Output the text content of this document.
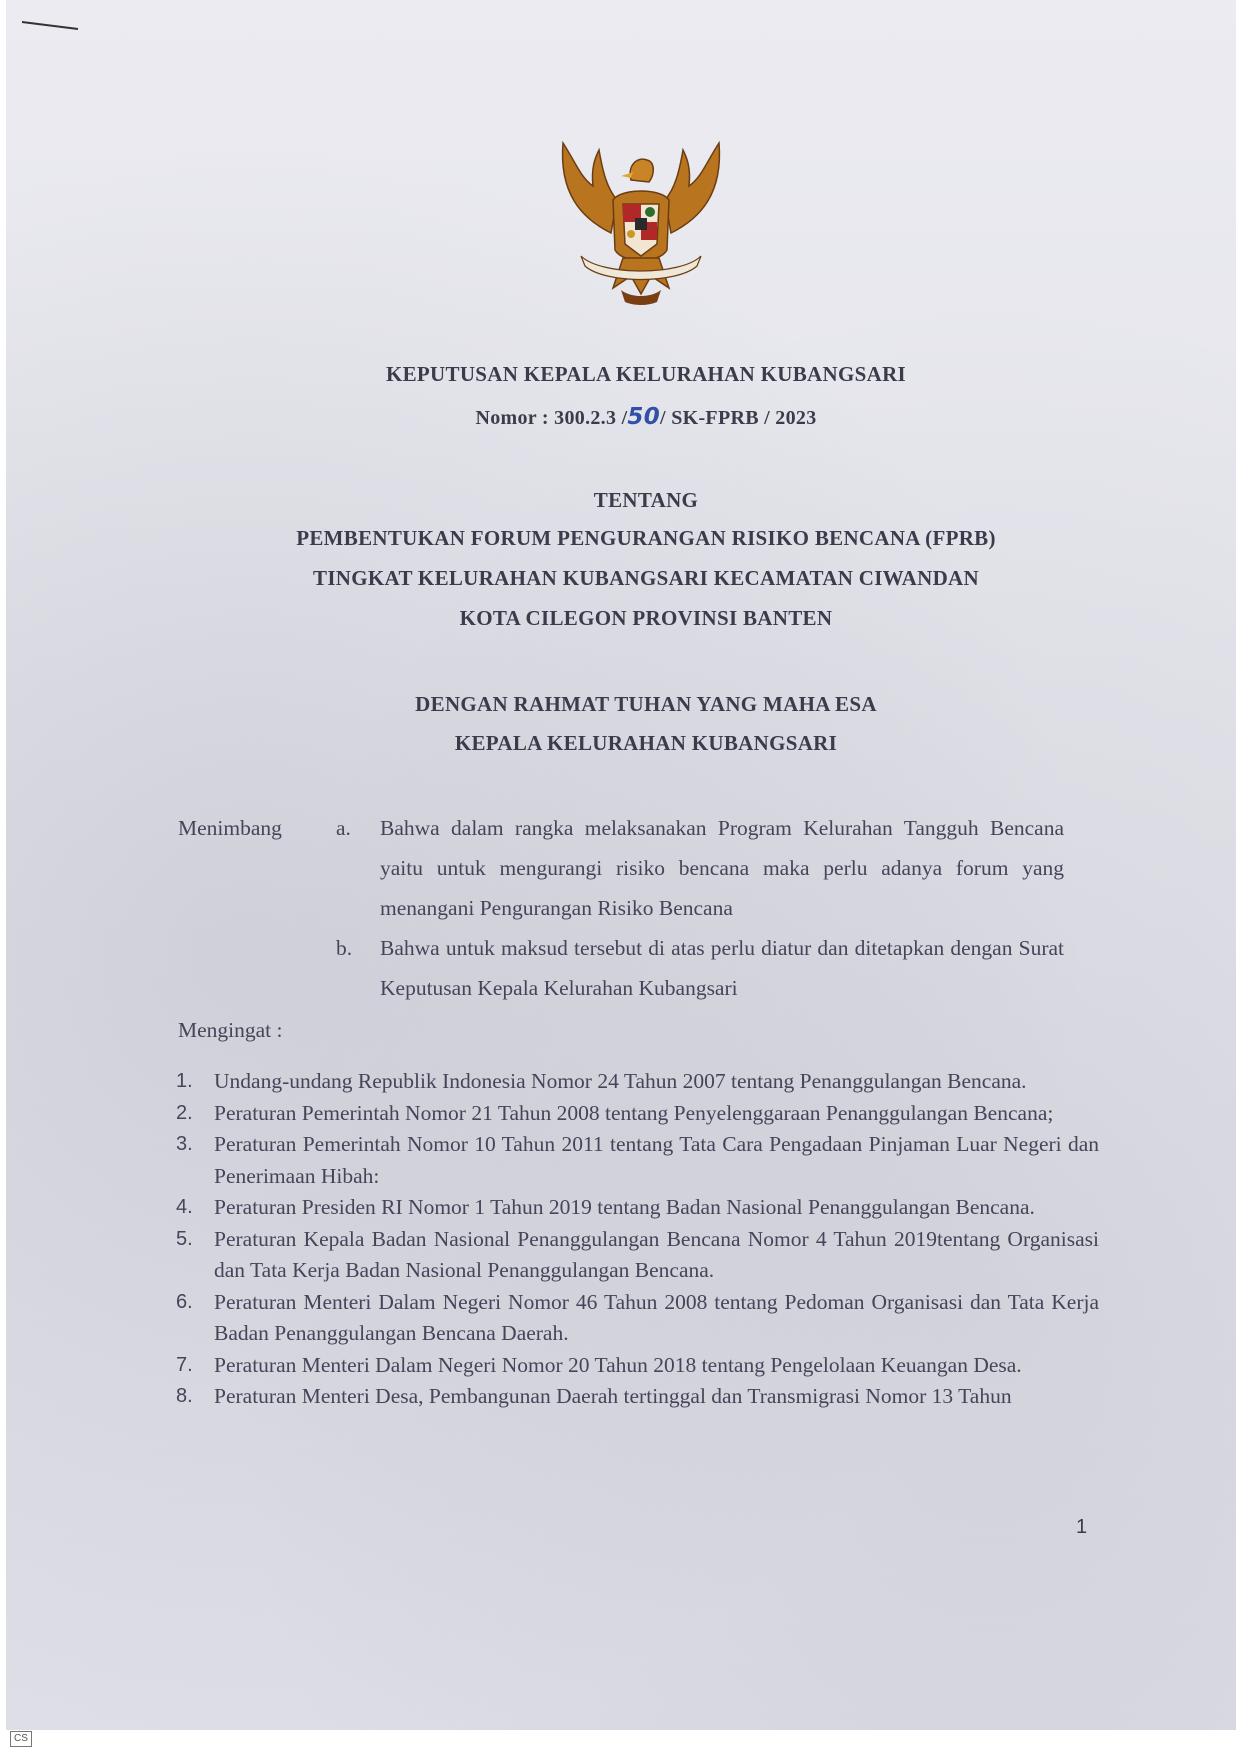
KEPUTUSAN KEPALA KELURAHAN KUBANGSARI
Nomor : 300.2.3 /50/ SK-FPRB / 2023
TENTANG
PEMBENTUKAN FORUM PENGURANGAN RISIKO BENCANA (FPRB)
TINGKAT KELURAHAN KUBANGSARI KECAMATAN CIWANDAN
KOTA CILEGON PROVINSI BANTEN
DENGAN RAHMAT TUHAN YANG MAHA ESA
KEPALA KELURAHAN KUBANGSARI
Menimbang	a.	Bahwa dalam rangka melaksanakan Program Kelurahan Tangguh Bencana yaitu untuk mengurangi risiko bencana maka perlu adanya forum yang menangani Pengurangan Risiko Bencana
b.	Bahwa untuk maksud tersebut di atas perlu diatur dan ditetapkan dengan Surat Keputusan Kepala Kelurahan Kubangsari
Mengingat :
1. Undang-undang Republik Indonesia Nomor 24 Tahun 2007 tentang Penanggulangan Bencana.
2. Peraturan Pemerintah Nomor 21 Tahun 2008 tentang Penyelenggaraan Penanggulangan Bencana;
3. Peraturan Pemerintah Nomor 10 Tahun 2011 tentang Tata Cara Pengadaan Pinjaman Luar Negeri dan Penerimaan Hibah:
4. Peraturan Presiden RI Nomor 1 Tahun 2019 tentang Badan Nasional Penanggulangan Bencana.
5. Peraturan Kepala Badan Nasional Penanggulangan Bencana Nomor 4 Tahun 2019tentang Organisasi dan Tata Kerja Badan Nasional Penanggulangan Bencana.
6. Peraturan Menteri Dalam Negeri Nomor 46 Tahun 2008 tentang Pedoman Organisasi dan Tata Kerja Badan Penanggulangan Bencana Daerah.
7. Peraturan Menteri Dalam Negeri Nomor 20 Tahun 2018 tentang Pengelolaan Keuangan Desa.
8. Peraturan Menteri Desa, Pembangunan Daerah tertinggal dan Transmigrasi Nomor 13 Tahun
1
CS
